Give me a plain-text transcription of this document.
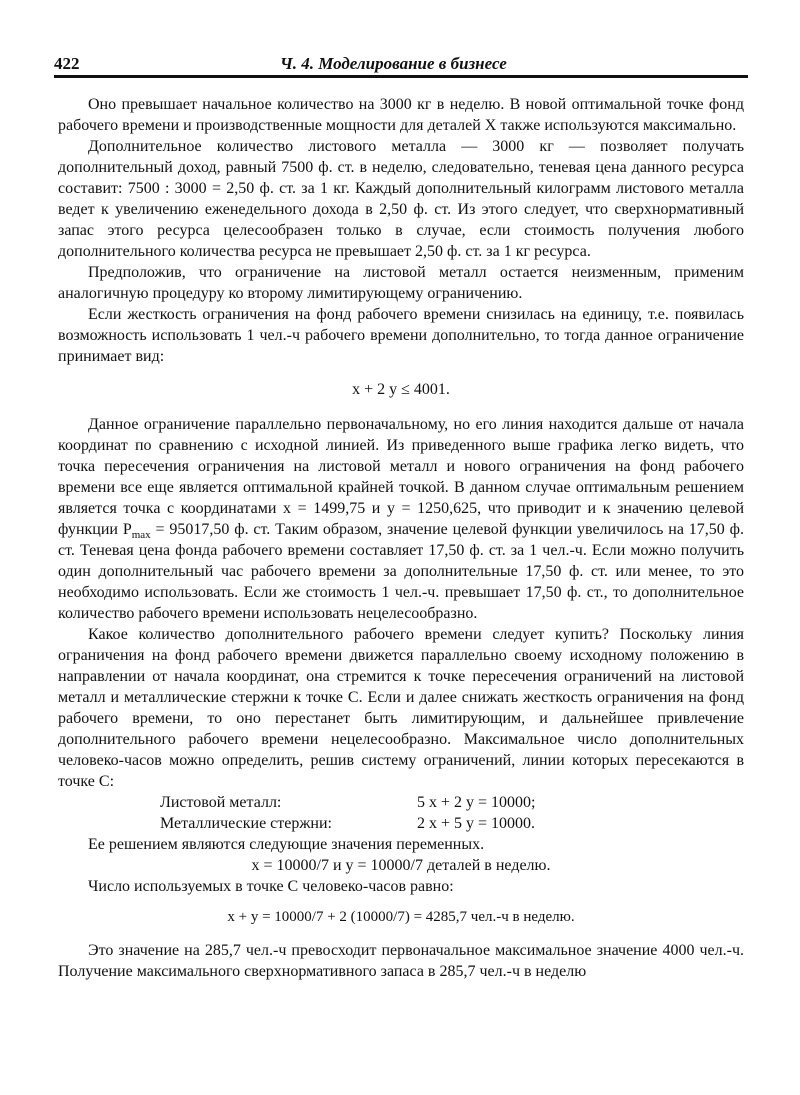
422	Ч. 4. Моделирование в бизнесе

Оно превышает начальное количество на 3000 кг в неделю. В новой оптимальной точке фонд рабочего времени и производственные мощности для деталей X также используются максимально.

Дополнительное количество листового металла — 3000 кг — позволяет получать дополнительный доход, равный 7500 ф. ст. в неделю, следовательно, теневая цена данного ресурса составит: 7500 : 3000 = 2,50 ф. ст. за 1 кг. Каждый дополнительный килограмм листового металла ведет к увеличению еженедельного дохода в 2,50 ф. ст. Из этого следует, что сверхнормативный запас этого ресурса целесообразен только в случае, если стоимость получения любого дополнительного количества ресурса не превышает 2,50 ф. ст. за 1 кг ресурса.

Предположив, что ограничение на листовой металл остается неизменным, применим аналогичную процедуру ко второму лимитирующему ограничению.

Если жесткость ограничения на фонд рабочего времени снизилась на единицу, т.е. появилась возможность использовать 1 чел.-ч рабочего времени дополнительно, то тогда данное ограничение принимает вид:

x + 2 y ≤ 4001.

Данное ограничение параллельно первоначальному, но его линия находится дальше от начала координат по сравнению с исходной линией. Из приведенного выше графика легко видеть, что точка пересечения ограничения на листовой металл и нового ограничения на фонд рабочего времени все еще является оптимальной крайней точкой. В данном случае оптимальным решением является точка с координатами x = 1499,75 и y = 1250,625, что приводит и к значению целевой функции $P_{max} = 95017,50$ ф. ст. Таким образом, значение целевой функции увеличилось на 17,50 ф. ст. Теневая цена фонда рабочего времени составляет 17,50 ф. ст. за 1 чел.-ч. Если можно получить один дополнительный час рабочего времени за дополнительные 17,50 ф. ст. или менее, то это необходимо использовать. Если же стоимость 1 чел.-ч. превышает 17,50 ф. ст., то дополнительное количество рабочего времени использовать нецелесообразно.

Какое количество дополнительного рабочего времени следует купить? Поскольку линия ограничения на фонд рабочего времени движется параллельно своему исходному положению в направлении от начала координат, она стремится к точке пересечения ограничений на листовой металл и металлические стержни к точке С. Если и далее снижать жесткость ограничения на фонд рабочего времени, то оно перестанет быть лимитирующим, и дальнейшее привлечение дополнительного рабочего времени нецелесообразно. Максимальное число дополнительных человеко-часов можно определить, решив систему ограничений, линии которых пересекаются в точке С:

Листовой металл:	5 x + 2 y = 10000;
Металлические стержни:	2 x + 5 y = 10000.

Ее решением являются следующие значения переменных.

x = 10000/7 и y = 10000/7 деталей в неделю.

Число используемых в точке С человеко-часов равно:

x + y = 10000/7 + 2 (10000/7) = 4285,7 чел.-ч в неделю.

Это значение на 285,7 чел.-ч превосходит первоначальное максимальное значение 4000 чел.-ч. Получение максимального сверхнормативного запаса в 285,7 чел.-ч в неделю
